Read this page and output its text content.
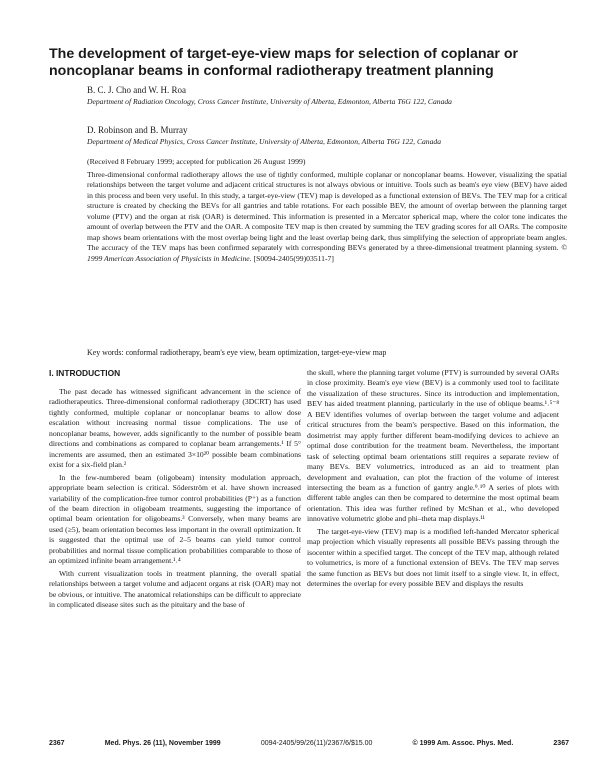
The development of target-eye-view maps for selection of coplanar or noncoplanar beams in conformal radiotherapy treatment planning
B. C. J. Cho and W. H. Roa
Department of Radiation Oncology, Cross Cancer Institute, University of Alberta, Edmonton, Alberta T6G 122, Canada
D. Robinson and B. Murray
Department of Medical Physics, Cross Cancer Institute, University of Alberta, Edmonton, Alberta T6G 122, Canada
(Received 8 February 1999; accepted for publication 26 August 1999)

Three-dimensional conformal radiotherapy allows the use of tightly conformed, multiple coplanar or noncoplanar beams. However, visualizing the spatial relationships between the target volume and adjacent critical structures is not always obvious or intuitive. Tools such as beam's eye view (BEV) have aided in this process and been very useful. In this study, a target-eye-view (TEV) map is developed as a functional extension of BEVs. The TEV map for a critical structure is created by checking the BEVs for all gantries and table rotations. For each possible BEV, the amount of overlap between the planning target volume (PTV) and the organ at risk (OAR) is determined. This information is presented in a Mercator spherical map, where the color tone indicates the amount of overlap between the PTV and the OAR. A composite TEV map is then created by summing the TEV grading scores for all OARs. The composite map shows beam orientations with the most overlap being light and the least overlap being dark, thus simplifying the selection of appropriate beam angles. The accuracy of the TEV maps has been confirmed separately with corresponding BEVs generated by a three-dimensional treatment planning system. © 1999 American Association of Physicists in Medicine. [S0094-2405(99)03511-7]

Key words: conformal radiotherapy, beam's eye view, beam optimization, target-eye-view map
I. INTRODUCTION

The past decade has witnessed significant advancement in the science of radiotherapeutics. Three-dimensional conformal radiotherapy (3DCRT) has used tightly conformed, multiple coplanar or noncoplanar beams to allow dose escalation without increasing normal tissue complications. The use of noncoplanar beams, however, adds significantly to the number of possible beam directions and combinations as compared to coplanar beam arrangements.¹ If 5° increments are assumed, then an estimated 3×10²⁰ possible beam combinations exist for a six-field plan.²

In the few-numbered beam (oligobeam) intensity modulation approach, appropriate beam selection is critical. Söderström et al. have shown increased variability of the complication-free tumor control probabilities (P⁺) as a function of the beam direction in oligobeam treatments, suggesting the importance of optimal beam orientation for oligobeams.³ Conversely, when many beams are used (≥5), beam orientation becomes less important in the overall optimization. It is suggested that the optimal use of 2–5 beams can yield tumor control probabilities and normal tissue complication probabilities comparable to those of an optimized infinite beam arrangement.¹˒⁴

With current visualization tools in treatment planning, the overall spatial relationships between a target volume and adjacent organs at risk (OAR) may not be obvious, or intuitive. The anatomical relationships can be difficult to appreciate in complicated disease sites such as the pituitary and the base of

the skull, where the planning target volume (PTV) is surrounded by several OARs in close proximity. Beam's eye view (BEV) is a commonly used tool to facilitate the visualization of these structures. Since its introduction and implementation, BEV has aided treatment planning, particularly in the use of oblique beams.¹˒⁵⁻⁸ A BEV identifies volumes of overlap between the target volume and adjacent critical structures from the beam's perspective. Based on this information, the dosimetrist may apply further different beam-modifying devices to achieve an optimal dose contribution for the treatment beam. Nevertheless, the important task of selecting optimal beam orientations still requires a separate review of many BEVs. BEV volumetrics, introduced as an aid to treatment plan development and evaluation, can plot the fraction of the volume of interest intersecting the beam as a function of gantry angle.⁹˒¹⁰ A series of plots with different table angles can then be compared to determine the most optimal beam orientation. This idea was further refined by McShan et al., who developed innovative volumetric globe and phi–theta map displays.¹¹

The target-eye-view (TEV) map is a modified left-handed Mercator spherical map projection which visually represents all possible BEVs passing through the isocenter within a specified target. The concept of the TEV map, although related to volumetrics, is more of a functional extension of BEVs. The TEV map serves the same function as BEVs but does not limit itself to a single view. It, in effect, determines the overlap for every possible BEV and displays the results

2367	Med. Phys. 26 (11), November 1999	0094-2405/99/26(11)/2367/6/$15.00	© 1999 Am. Assoc. Phys. Med.	2367
